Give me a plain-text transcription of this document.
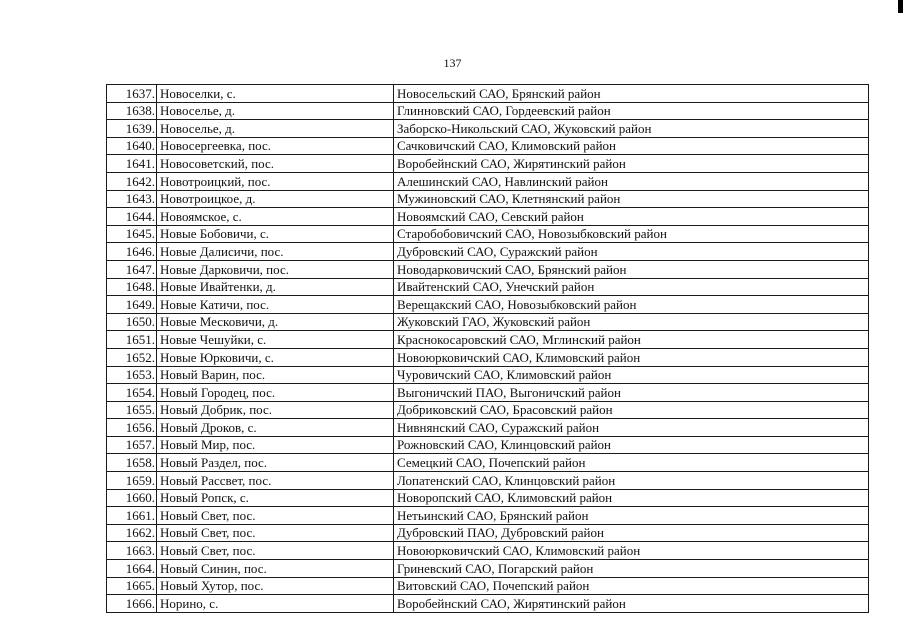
137
1637.	Новоселки, с.	Новосельский САО, Брянский район
1638.	Новоселье, д.	Глинновский САО, Гордеевский район
1639.	Новоселье, д.	Заборско-Никольский САО, Жуковский район
1640.	Новосергеевка, пос.	Сачковичский САО, Климовский район
1641.	Новосоветский, пос.	Воробейнский САО, Жирятинский район
1642.	Новотроицкий, пос.	Алешинский САО, Навлинский район
1643.	Новотроицкое, д.	Мужиновский САО, Клетнянский район
1644.	Новоямское, с.	Новоямский САО, Севский район
1645.	Новые Бобовичи, с.	Старобобовичский САО, Новозыбковский район
1646.	Новые Далисичи, пос.	Дубровский САО, Суражский район
1647.	Новые Дарковичи, пос.	Новодарковичский САО, Брянский район
1648.	Новые Ивайтенки, д.	Ивайтенский САО, Унечский район
1649.	Новые Катичи, пос.	Верещакский САО, Новозыбковский район
1650.	Новые Месковичи, д.	Жуковский ГАО, Жуковский район
1651.	Новые Чешуйки, с.	Краснокосаровский САО, Мглинский район
1652.	Новые Юрковичи, с.	Новоюрковичский САО, Климовский район
1653.	Новый Варин, пос.	Чуровичский САО, Климовский район
1654.	Новый Городец, пос.	Выгоничский ПАО, Выгоничский район
1655.	Новый Добрик, пос.	Добриковский САО, Брасовский район
1656.	Новый Дроков, с.	Нивнянский САО, Суражский район
1657.	Новый Мир, пос.	Рожновский САО, Клинцовский район
1658.	Новый Раздел, пос.	Семецкий САО, Почепский район
1659.	Новый Рассвет, пос.	Лопатенский САО, Клинцовский район
1660.	Новый Ропск, с.	Новоропский САО, Климовский район
1661.	Новый Свет, пос.	Нетьинский САО, Брянский район
1662.	Новый Свет, пос.	Дубровский ПАО, Дубровский район
1663.	Новый Свет, пос.	Новоюрковичский САО, Климовский район
1664.	Новый Синин, пос.	Гриневский САО, Погарский район
1665.	Новый Хутор, пос.	Витовский САО, Почепский район
1666.	Норино, с.	Воробейнский САО, Жирятинский район
